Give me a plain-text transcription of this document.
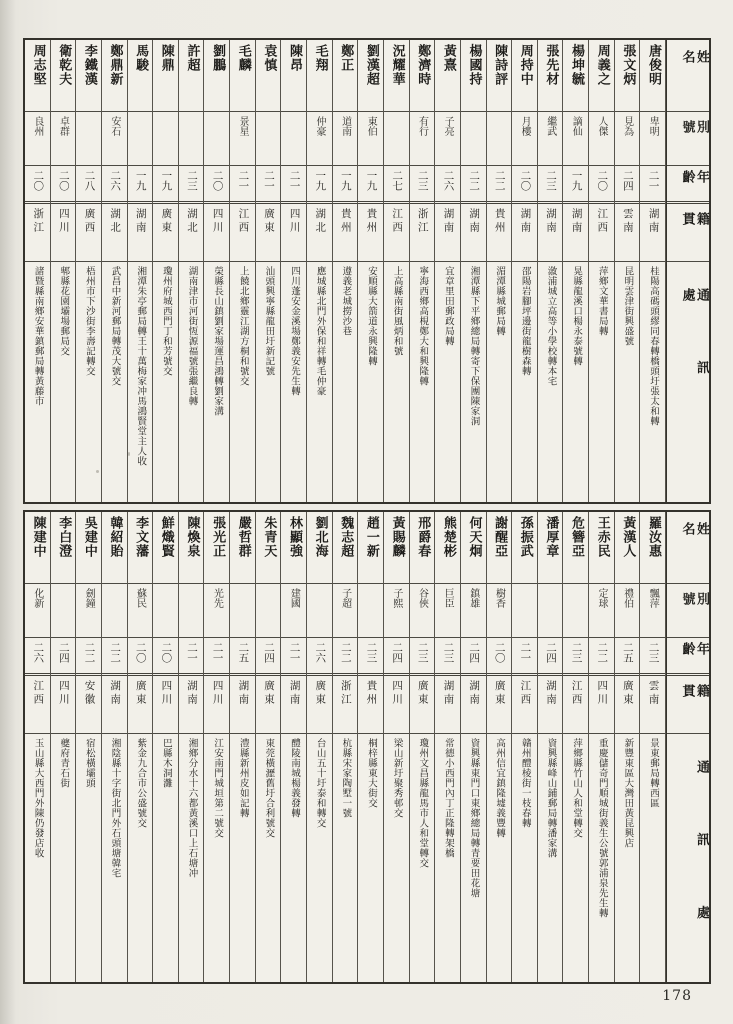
周志堅
良州
二〇
浙江
諸暨縣南鄉安華鎮郵局轉黃藤市
衛乾夫
卓群
二〇
四川
郫縣花園壩場郵局交
李鐵漢
二八
廣西
梧州市下沙街李壽記轉交
鄭鼎新
安石
二六
湖北
武昌中新河郵局轉茂大號交
馬駿
一九
湖南
湘潭朱亭郵局轉王十萬梅家冲馬鴻賢堂主人收
陳鼎
一九
廣東
瓊州府城西門丁和芳號交
許超
二三
湖北
湖南津市河街恆源福號張繼良轉
劉鵬
二〇
四川
榮縣長山鎮劉家場運昌鴻轉劉家溝
毛麟
景星
二一
江西
上饒北鄉靈江湖方桐和號交
袁慎
二一
廣東
汕頭興寧縣龍田圩新記號
陳昂
二一
四川
四川蓬安金溪場鄭義安先生轉
毛翔
仲豪
一九
湖北
應城縣北門外保和祥轉毛仲豪
鄭正
道南
一九
貴州
遵義老城撈沙巷
劉漢超
東伯
一九
貴州
安順縣大箭道永興隆轉
況耀華
二七
江西
上高縣南街風炳和號
鄭濟時
有行
二三
浙江
寧海西鄉高梘鄭大和興隆轉
黃熹
子亮
二六
湖南
宜章里田郵政局轉
楊國持
二二
湖南
湘潭縣下平鄉總局轉寄下保團陳家洞
陳詩評
二二
貴州
湄潭縣城郵局轉
周持中
月樓
二〇
湖南
邵陽岩腳坪邊街龍樹森轉
張先材
繼武
二三
湖南
漵浦城立高等小學校轉本宅
楊坤毓
謫仙
一九
湖南
晃縣龍溪口楊永泰號轉
周義之
人傑
二〇
江西
萍鄉文華書局轉
張文炳
見為
二四
雲南
昆明雲津街興盛號
唐俊明
卑明
二一
湖南
桂陽高碼頭繆同春轉橋頭圩張太和轉
姓名
別號
年齡
籍貫
通訊處
陳建中
化新
二六
江西
玉山縣大西門外陳仍發店收
李白澄
二四
四川
夔府青石街
吳建中
劍鐘
二二
安徽
宿松橫壩頭
韓紹貽
二二
湖南
湘陰縣十字街北門外石頭塘韓宅
李文藩
蘇民
二〇
廣東
紫金九合市公盛號交
鮮熾賢
二〇
四川
巴縣木洞灘
陳煥泉
二一
湖南
湘鄉分水十六都黃溪口上石塘冲
張光正
光先
二一
四川
江安南門城垣第二號交
嚴哲群
二五
湖南
澧縣新州皮如記轉
朱青天
二四
廣東
東莞橫瀝舊圩合利號交
林顯強
建國
二一
湖南
醴陵南城楊義發轉
劉北海
二六
廣東
台山五十圩泰和轉交
魏志超
子超
二二
浙江
杭縣宋家陶墅一號
趙一新
二三
貴州
桐梓縣東大街交
黃賜麟
子熙
二四
四川
梁山新圩聚秀邨交
邢爵春
谷俠
二三
廣東
瓊州文昌縣龍馬市人和堂轉交
熊楚彬
巨臣
二三
湖南
常德小西門內丁正隆轉架橋
何天炯
鎮雄
二四
湖南
資興縣東門口東鄉總局轉青要田花塘
謝醒亞
樹香
二〇
廣東
高州信宜鎮隆墟義豐轉
孫振武
二一
江西
贛州醴棱街一枝春轉
潘厚章
二四
湖南
資興縣峰山鋪郵局轉潘家溝
危簪亞
二三
江西
萍鄉縣竹山人和堂轉交
王赤民
定球
二二
四川
重慶儲奇門順城街義生公號郭浦泉先生轉
黃漢人
禮伯
二五
廣東
新豐東區大灣田黃昆興店
羅汝惠
飄萍
二三
雲南
景東郵局轉西區
姓名
別號
年齡
籍貫
通訊處
178
